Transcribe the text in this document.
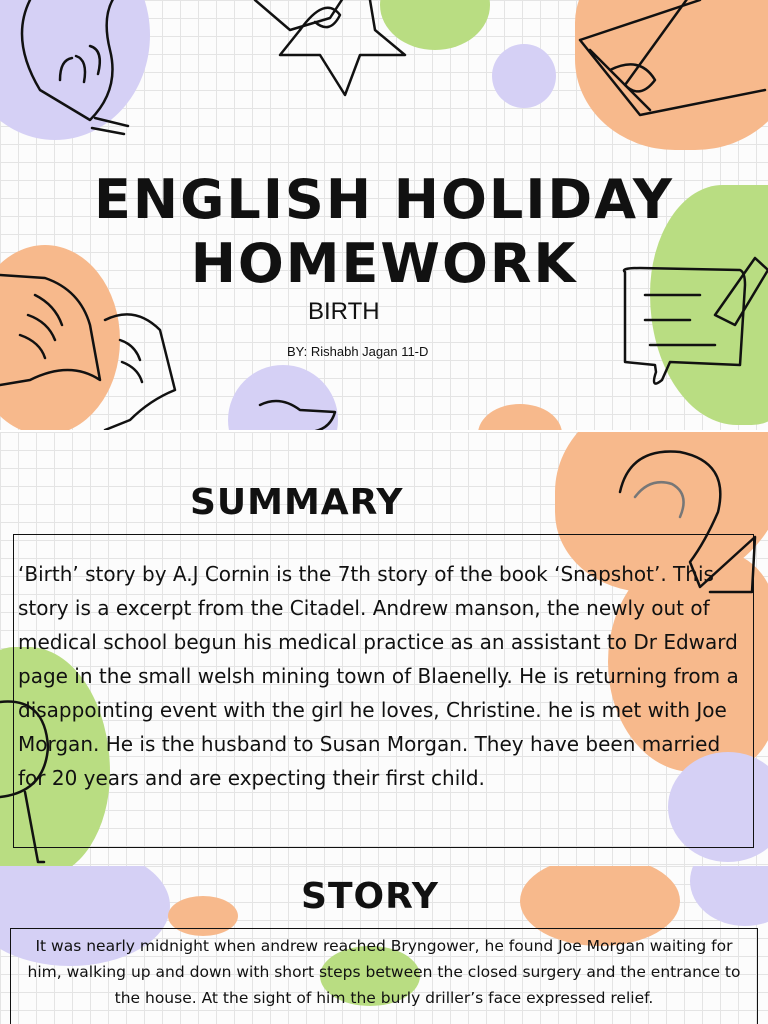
ENGLISH HOLIDAY HOMEWORK
BIRTH
BY: Rishabh Jagan 11-D
SUMMARY

‘Birth’ story by A.J Cornin is the 7th story of the book ‘Snapshot’. This story is a excerpt from the Citadel. Andrew manson, the newly out of medical school begun his medical practice as an assistant to Dr Edward page in the small welsh mining town of Blaenelly. He is returning from a disappointing event with the girl he loves, Christine. he is met with Joe Morgan. He is the husband to Susan Morgan. They have been married for 20 years and are expecting their first child.

STORY

It was nearly midnight when andrew reached Bryngower, he found Joe Morgan waiting for him, walking up and down with short steps between the closed surgery and the entrance to the house. At the sight of him the burly driller’s face expressed relief.
